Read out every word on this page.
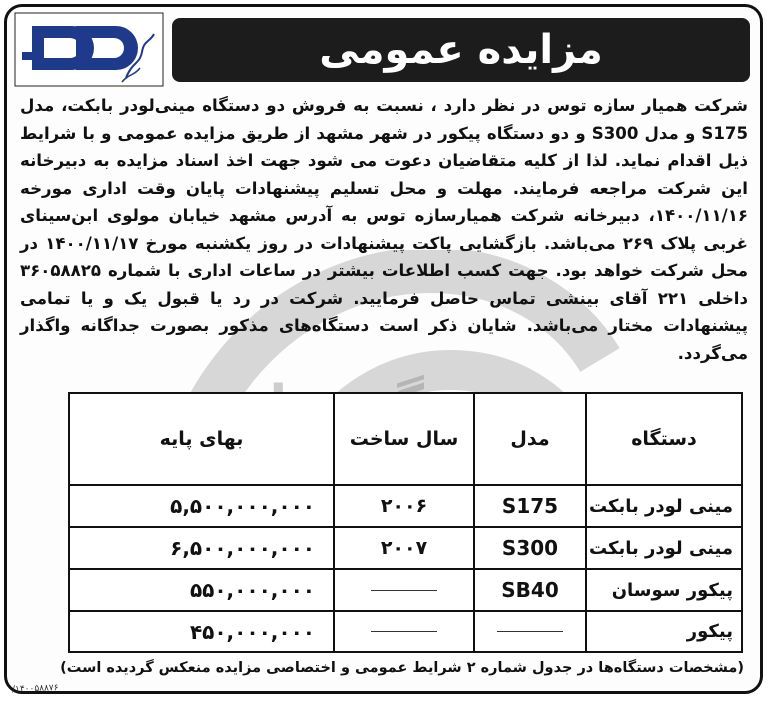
مزایده عمومی
شرکت همیار سازه توس در نظر دارد ، نسبت به فروش دو دستگاه مینی‌لودر بابکت، مدل S175 و مدل S300 و دو دستگاه پیکور در شهر مشهد از طریق مزایده عمومی و با شرایط ذیل اقدام نماید. لذا از کلیه متقاضیان دعوت می شود جهت اخذ اسناد مزایده به دبیرخانه این شرکت مراجعه فرمایند. مهلت و محل تسلیم پیشنهادات پایان وقت اداری مورخه ۱۴۰۰/۱۱/۱۶، دبیرخانه شرکت همیارسازه توس به آدرس مشهد خیابان مولوی ابن‌سینای غربی پلاک ۲۶۹ می‌باشد. بازگشایی پاکت پیشنهادات در روز یکشنبه مورخ ۱۴۰۰/۱۱/۱۷ در محل شرکت خواهد بود. جهت کسب اطلاعات بیشتر در ساعات اداری با شماره ۳۶۰۵۸۸۲۵ داخلی ۲۲۱ آقای بینشی تماس حاصل فرمایید. شرکت در رد یا قبول یک و یا تمامی پیشنهادات مختار می‌باشد. شایان ذکر است دستگاه‌های مذکور بصورت جداگانه واگذار می‌گردد.
دستگاه
مدل
سال ساخت
بهای پایه
مینی لودر بابکت
S175
۲۰۰۶
۵,۵۰۰,۰۰۰,۰۰۰
مینی لودر بابکت
S300
۲۰۰۷
۶,۵۰۰,۰۰۰,۰۰۰
پیکور سوسان
SB40
۵۵۰,۰۰۰,۰۰۰
پیکور
۴۵۰,۰۰۰,۰۰۰
(مشخصات دستگاه‌ها در جدول شماره ۲ شرایط عمومی و اختصاصی مزایده منعکس گردیده است)
/۱۴۰۰۵۸۸۷۶
